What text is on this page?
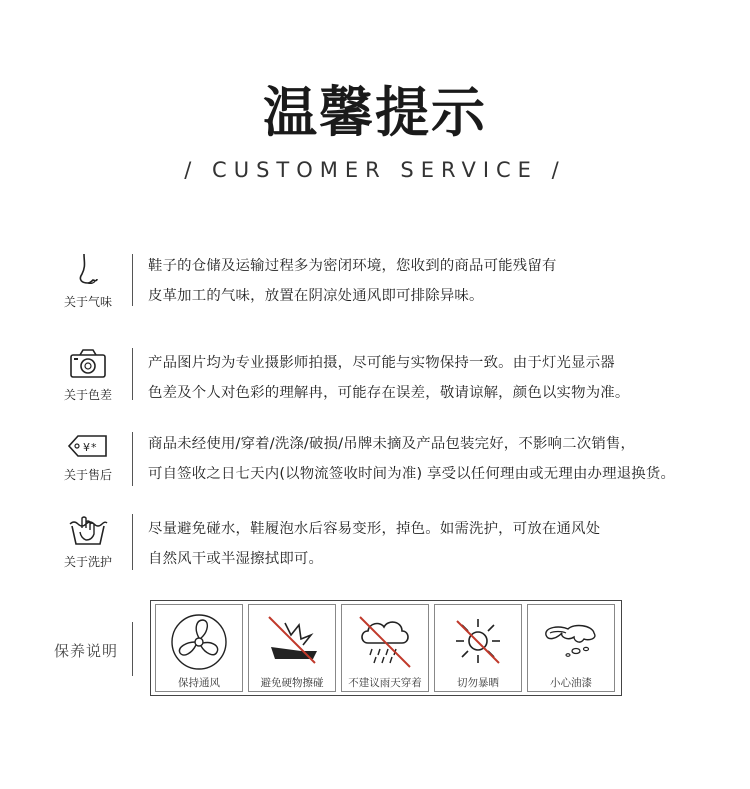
温馨提示
/ CUSTOMER SERVICE /
关于气味
鞋子的仓储及运输过程多为密闭环境，您收到的商品可能残留有
皮革加工的气味，放置在阴凉处通风即可排除异味。
关于色差
产品图片均为专业摄影师拍摄，尽可能与实物保持一致。由于灯光显示器
色差及个人对色彩的理解冉，可能存在误差，敬请谅解，颜色以实物为准。
¥ *
关于售后
商品未经使用/穿着/洗涤/破损/吊牌未摘及产品包装完好，不影响二次销售，
可自签收之日七天内(以物流签收时间为准) 享受以任何理由或无理由办理退换货。
关于洗护
尽量避免碰水，鞋履泡水后容易变形，掉色。如需洗护，可放在通风处
自然风干或半湿擦拭即可。
保养说明
保持通风	避免硬物擦碰	不建议雨天穿着	切勿暴晒	小心油漆
